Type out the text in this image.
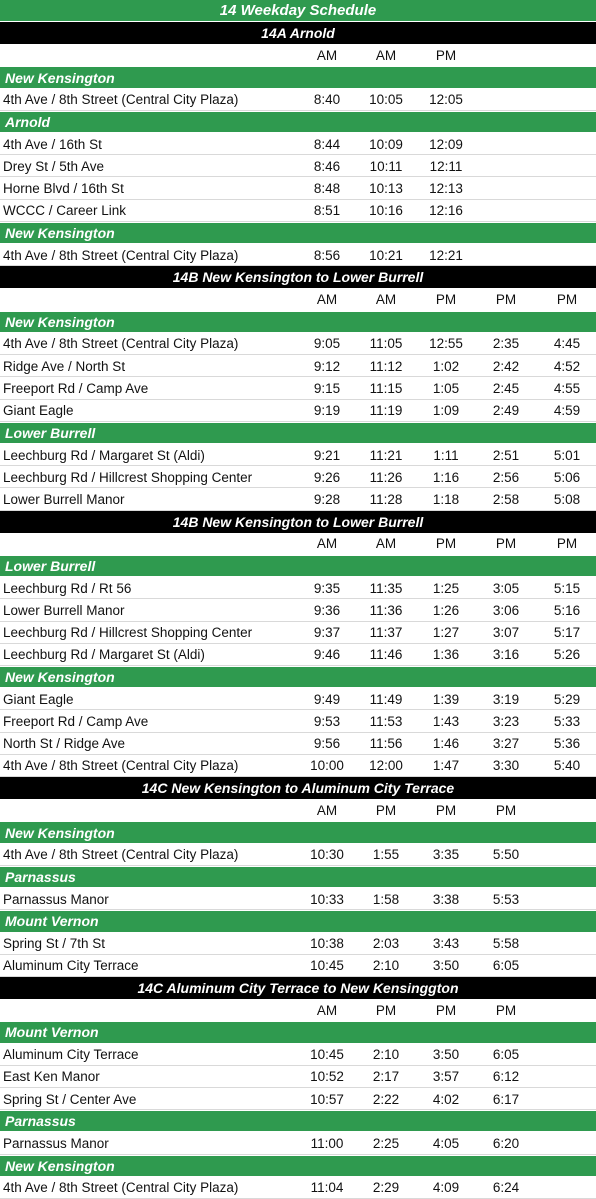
14 Weekday Schedule
14A Arnold
AM	AM	PM
New Kensington
4th Ave / 8th Street (Central City Plaza)	8:40	10:05	12:05
Arnold
4th Ave / 16th St	8:44	10:09	12:09
Drey St / 5th Ave	8:46	10:11	12:11
Horne Blvd / 16th St	8:48	10:13	12:13
WCCC / Career Link	8:51	10:16	12:16
New Kensington
4th Ave / 8th Street (Central City Plaza)	8:56	10:21	12:21
14B New Kensington to Lower Burrell
AM	AM	PM	PM	PM
New Kensington
4th Ave / 8th Street (Central City Plaza)	9:05	11:05	12:55	2:35	4:45
Ridge Ave / North St	9:12	11:12	1:02	2:42	4:52
Freeport Rd / Camp Ave	9:15	11:15	1:05	2:45	4:55
Giant Eagle	9:19	11:19	1:09	2:49	4:59
Lower Burrell
Leechburg Rd / Margaret St (Aldi)	9:21	11:21	1:11	2:51	5:01
Leechburg Rd / Hillcrest Shopping Center	9:26	11:26	1:16	2:56	5:06
Lower Burrell Manor	9:28	11:28	1:18	2:58	5:08
14B New Kensington to Lower Burrell
AM	AM	PM	PM	PM
Lower Burrell
Leechburg Rd / Rt 56	9:35	11:35	1:25	3:05	5:15
Lower Burrell Manor	9:36	11:36	1:26	3:06	5:16
Leechburg Rd / Hillcrest Shopping Center	9:37	11:37	1:27	3:07	5:17
Leechburg Rd / Margaret St (Aldi)	9:46	11:46	1:36	3:16	5:26
New Kensington
Giant Eagle	9:49	11:49	1:39	3:19	5:29
Freeport Rd / Camp Ave	9:53	11:53	1:43	3:23	5:33
North St / Ridge Ave	9:56	11:56	1:46	3:27	5:36
4th Ave / 8th Street (Central City Plaza)	10:00	12:00	1:47	3:30	5:40
14C New Kensington to Aluminum City Terrace
AM	PM	PM	PM
New Kensington
4th Ave / 8th Street (Central City Plaza)	10:30	1:55	3:35	5:50
Parnassus
Parnassus Manor	10:33	1:58	3:38	5:53
Mount Vernon
Spring St / 7th St	10:38	2:03	3:43	5:58
Aluminum City Terrace	10:45	2:10	3:50	6:05
14C Aluminum City Terrace to New Kensinggton
AM	PM	PM	PM
Mount Vernon
Aluminum City Terrace	10:45	2:10	3:50	6:05
East Ken Manor	10:52	2:17	3:57	6:12
Spring St / Center Ave	10:57	2:22	4:02	6:17
Parnassus
Parnassus Manor	11:00	2:25	4:05	6:20
New Kensington
4th Ave / 8th Street (Central City Plaza)	11:04	2:29	4:09	6:24
